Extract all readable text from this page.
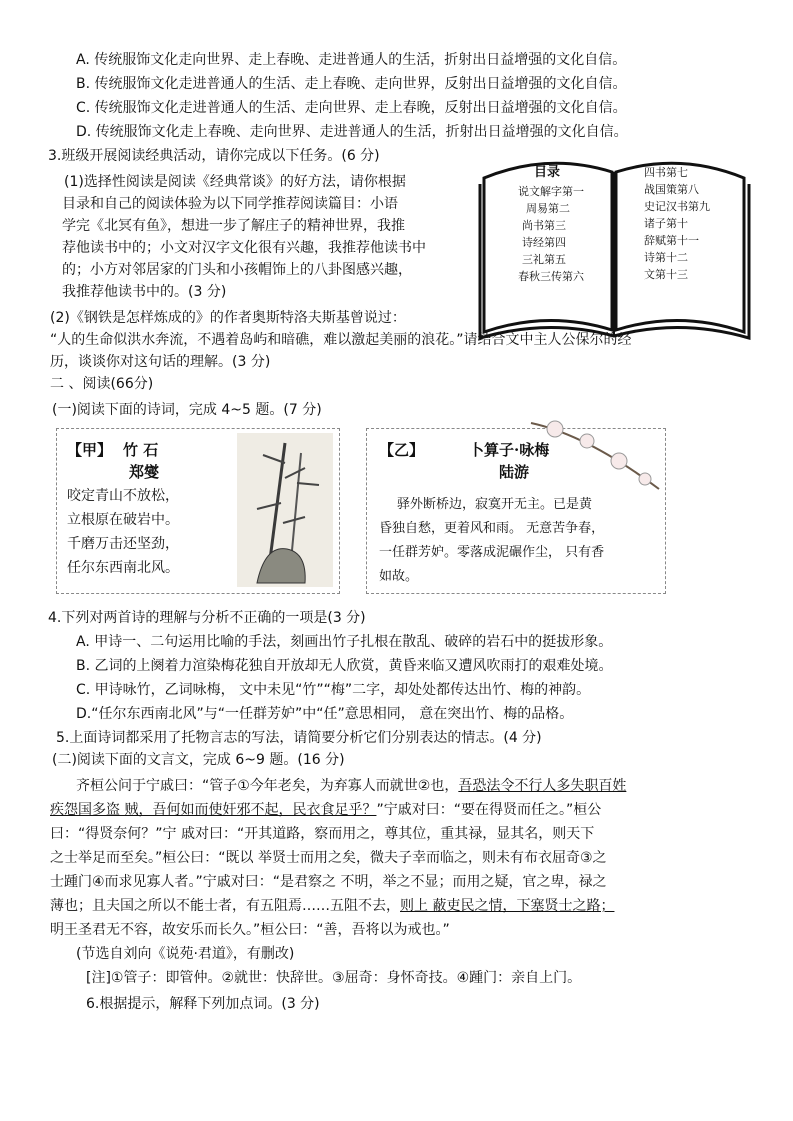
A. 传统服饰文化走向世界、走上春晚、走进普通人的生活，折射出日益增强的文化自信。
B. 传统服饰文化走进普通人的生活、走上春晚、走向世界，反射出日益增强的文化自信。
C. 传统服饰文化走进普通人的生活、走向世界、走上春晚，反射出日益增强的文化自信。
D. 传统服饰文化走上春晚、走向世界、走进普通人的生活，折射出日益增强的文化自信。
3.班级开展阅读经典活动，请你完成以下任务。(6 分)
(1)选择性阅读是阅读《经典常谈》的好方法，请你根据
目录和自己的阅读体验为以下同学推荐阅读篇目：小语
学完《北冥有鱼》，想进一步了解庄子的精神世界，我推
荐他读书中的；小文对汉字文化很有兴趣，我推荐他读书中
的；小方对邻居家的门头和小孩帽饰上的八卦图感兴趣，
我推荐他读书中的。(3 分)
目录
说文解字第一
周易第二
尚书第三
诗经第四
三礼第五
春秋三传第六
四书第七
战国策第八
史记汉书第九
诸子第十
辞赋第十一
诗第十二
文第十三
(2)《钢铁是怎样炼成的》的作者奥斯特洛夫斯基曾说过：
“人的生命似洪水奔流，不遇着岛屿和暗礁，难以激起美丽的浪花。”请结合文中主人公保尔的经
历，谈谈你对这句话的理解。(3 分)
二 、阅读(66分)
(一)阅读下面的诗词，完成 4~5 题。(7 分)
【甲】 竹 石
郑燮
咬定青山不放松，
立根原在破岩中。
千磨万击还坚劲，
任尔东西南北风。
【乙】	卜算子·咏梅
陆游
驿外断桥边，寂寞开无主。已是黄
昏独自愁，更着风和雨。 无意苦争春，
一任群芳妒。零落成泥碾作尘， 只有香
如故。
4.下列对两首诗的理解与分析不正确的一项是(3 分)
A. 甲诗一、二句运用比喻的手法，刻画出竹子扎根在散乱、破碎的岩石中的挺拔形象。
B. 乙词的上阕着力渲染梅花独自开放却无人欣赏，黄昏来临又遭风吹雨打的艰难处境。
C. 甲诗咏竹，乙词咏梅， 文中未见“竹”“梅”二字，却处处都传达出竹、梅的神韵。
D.“任尔东西南北风”与“一任群芳妒”中“任”意思相同， 意在突出竹、梅的品格。
5.上面诗词都采用了托物言志的写法，请简要分析它们分别表达的情志。(4 分)
(二)阅读下面的文言文，完成 6~9 题。(16 分)
齐桓公问于宁戚曰：“管子①今年老矣，为弃寡人而就世②也，吾恐法令不行人多失职百姓
疾怨国多盗 贼，吾何如而使奸邪不起，民衣食足乎？”宁戚对曰：“要在得贤而任之。”桓公
曰：“得贤奈何？”宁 戚对曰：“开其道路，察而用之，尊其位，重其禄，显其名，则天下
之士举足而至矣。”桓公曰：“既以 举贤士而用之矣，微夫子幸而临之，则未有布衣屈奇③之
士踵门④而求见寡人者。”宁戚对曰：“是君察之 不明，举之不显；而用之疑，官之卑，禄之
薄也；且夫国之所以不能士者，有五阻焉……五阻不去，则上 蔽吏民之情，下塞贤士之路；
明王圣君无不容，故安乐而长久。”桓公曰：“善，吾将以为戒也。”
(节选自刘向《说苑·君道》，有删改)
[注]①管子：即管仲。②就世：快辞世。③屈奇：身怀奇技。④踵门：亲自上门。
6.根据提示，解释下列加点词。(3 分)
